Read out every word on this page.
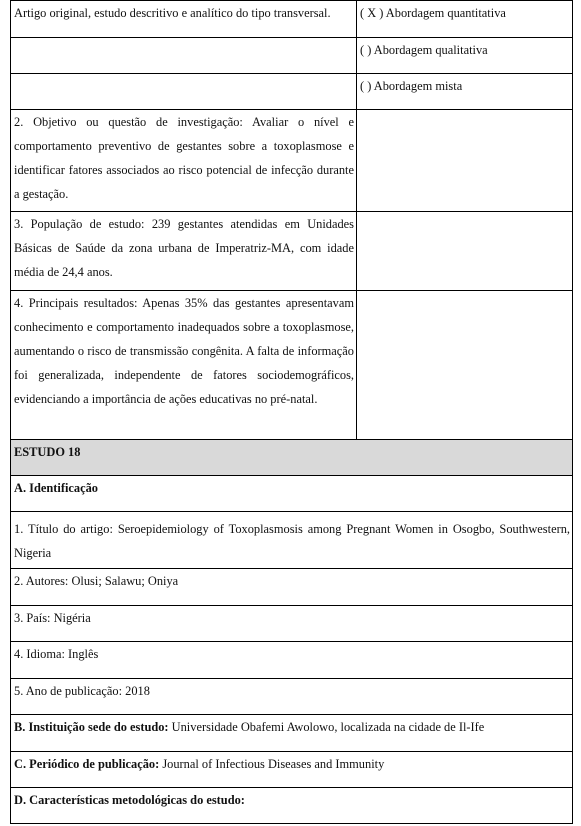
Artigo original, estudo descritivo e analítico do tipo transversal.	( X ) Abordagem quantitativa
	( ) Abordagem qualitativa
	( ) Abordagem mista
2. Objetivo ou questão de investigação: Avaliar o nível e comportamento preventivo de gestantes sobre a toxoplasmose e identificar fatores associados ao risco potencial de infecção durante a gestação.	
3. População de estudo: 239 gestantes atendidas em Unidades Básicas de Saúde da zona urbana de Imperatriz-MA, com idade média de 24,4 anos.	
4. Principais resultados: Apenas 35% das gestantes apresentavam conhecimento e comportamento inadequados sobre a toxoplasmose, aumentando o risco de transmissão congênita. A falta de informação foi generalizada, independente de fatores sociodemográficos, evidenciando a importância de ações educativas no pré-natal.	
ESTUDO 18	
A. Identificação	
1. Título do artigo: Seroepidemiology of Toxoplasmosis among Pregnant Women in Osogbo, Southwestern, Nigeria	
2. Autores: Olusi; Salawu; Oniya	
3. País: Nigéria	
4. Idioma: Inglês	
5. Ano de publicação: 2018	
B. Instituição sede do estudo: Universidade Obafemi Awolowo, localizada na cidade de Il-Ife	
C. Periódico de publicação: Journal of Infectious Diseases and Immunity	
D. Características metodológicas do estudo:	
